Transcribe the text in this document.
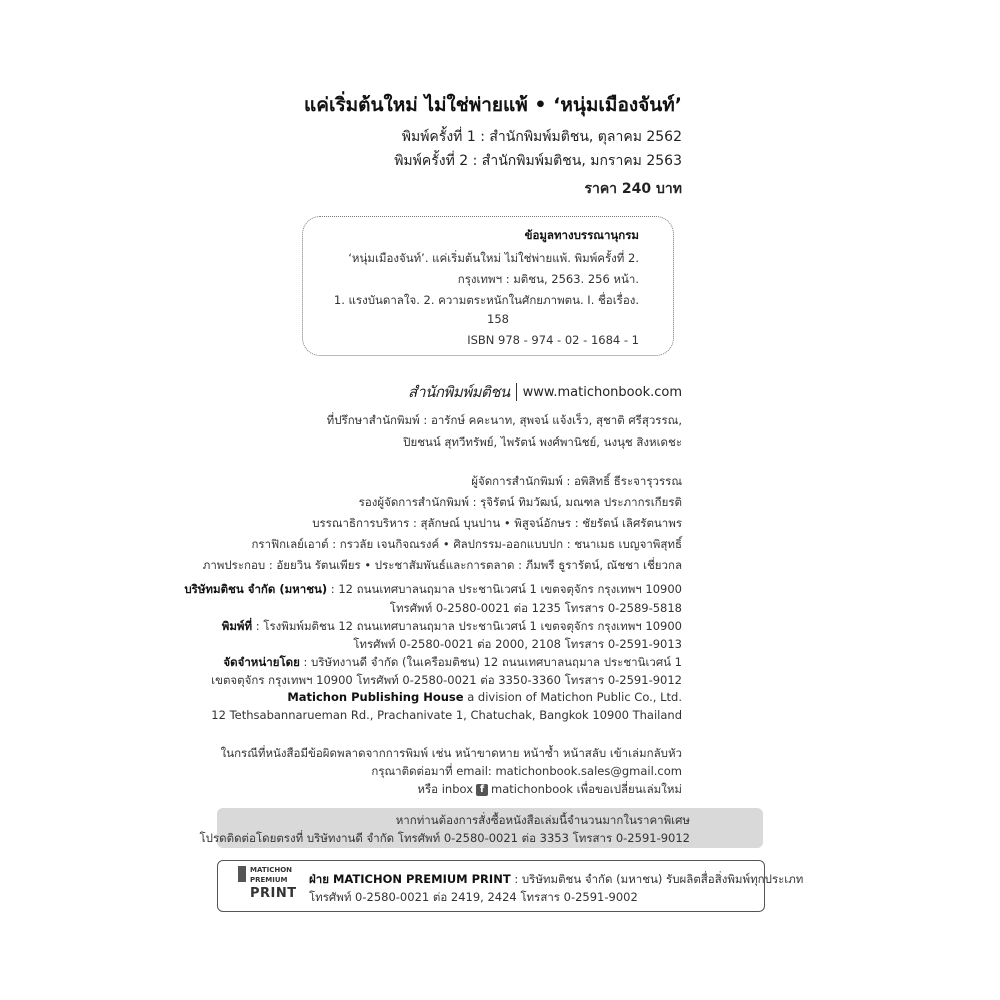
แค่เริ่มต้นใหม่ ไม่ใช่พ่ายแพ้ • ‘หนุ่มเมืองจันท์’
พิมพ์ครั้งที่ 1 : สำนักพิมพ์มติชน, ตุลาคม 2562
พิมพ์ครั้งที่ 2 : สำนักพิมพ์มติชน, มกราคม 2563
ราคา 240 บาท
ข้อมูลทางบรรณานุกรม
‘หนุ่มเมืองจันท์’. แค่เริ่มต้นใหม่ ไม่ใช่พ่ายแพ้. พิมพ์ครั้งที่ 2.
กรุงเทพฯ : มติชน, 2563. 256 หน้า.
1. แรงบันดาลใจ. 2. ความตระหนักในศักยภาพตน. I. ชื่อเรื่อง.
158
ISBN 978 - 974 - 02 - 1684 - 1
สำนักพิมพ์มติชน www.matichonbook.com
ที่ปรึกษาสำนักพิมพ์ : อารักษ์ คคะนาท, สุพจน์ แจ้งเร็ว, สุชาติ ศรีสุวรรณ,
ปิยชนน์ สุทวีทรัพย์, ไพรัตน์ พงศ์พานิชย์, นงนุช สิงหเดชะ
ผู้จัดการสำนักพิมพ์ : อพิสิทธิ์ ธีระจารุวรรณ
รองผู้จัดการสำนักพิมพ์ : รุจิรัตน์ ทิมวัฒน์, มณฑล ประภากรเกียรติ
บรรณาธิการบริหาร : สุลักษณ์ บุนปาน • พิสูจน์อักษร : ชัยรัตน์ เลิศรัตนาพร
กราฟิกเลย์เอาต์ : กรวลัย เจนกิจณรงค์ • ศิลปกรรม-ออกแบบปก : ชนาเมธ เบญจาพิสุทธิ์
ภาพประกอบ : อัยยวิน รัตนเพียร • ประชาสัมพันธ์และการตลาด : ภีมพรี ธูรารัตน์, ณัชชา เชี่ยวกล
บริษัทมติชน จำกัด (มหาชน) : 12 ถนนเทศบาลนฤมาล ประชานิเวศน์ 1 เขตจตุจักร กรุงเทพฯ 10900
โทรศัพท์ 0-2580-0021 ต่อ 1235 โทรสาร 0-2589-5818
พิมพ์ที่ : โรงพิมพ์มติชน 12 ถนนเทศบาลนฤมาล ประชานิเวศน์ 1 เขตจตุจักร กรุงเทพฯ 10900
โทรศัพท์ 0-2580-0021 ต่อ 2000, 2108 โทรสาร 0-2591-9013
จัดจำหน่ายโดย : บริษัทงานดี จำกัด (ในเครือมติชน) 12 ถนนเทศบาลนฤมาล ประชานิเวศน์ 1
เขตจตุจักร กรุงเทพฯ 10900 โทรศัพท์ 0-2580-0021 ต่อ 3350-3360 โทรสาร 0-2591-9012
Matichon Publishing House a division of Matichon Public Co., Ltd.
12 Tethsabannarueman Rd., Prachanivate 1, Chatuchak, Bangkok 10900 Thailand
ในกรณีที่หนังสือมีข้อผิดพลาดจากการพิมพ์ เช่น หน้าขาดหาย หน้าซ้ำ หน้าสลับ เข้าเล่มกลับหัว
กรุณาติดต่อมาที่ email: matichonbook.sales@gmail.com
หรือ inbox f matichonbook เพื่อขอเปลี่ยนเล่มใหม่
หากท่านต้องการสั่งซื้อหนังสือเล่มนี้จำนวนมากในราคาพิเศษ
โปรดติดต่อโดยตรงที่ บริษัทงานดี จำกัด โทรศัพท์ 0-2580-0021 ต่อ 3353 โทรสาร 0-2591-9012
MATICHON
PREMIUM
PRINT
ฝ่าย MATICHON PREMIUM PRINT : บริษัทมติชน จำกัด (มหาชน) รับผลิตสื่อสิ่งพิมพ์ทุกประเภท
โทรศัพท์ 0-2580-0021 ต่อ 2419, 2424 โทรสาร 0-2591-9002
